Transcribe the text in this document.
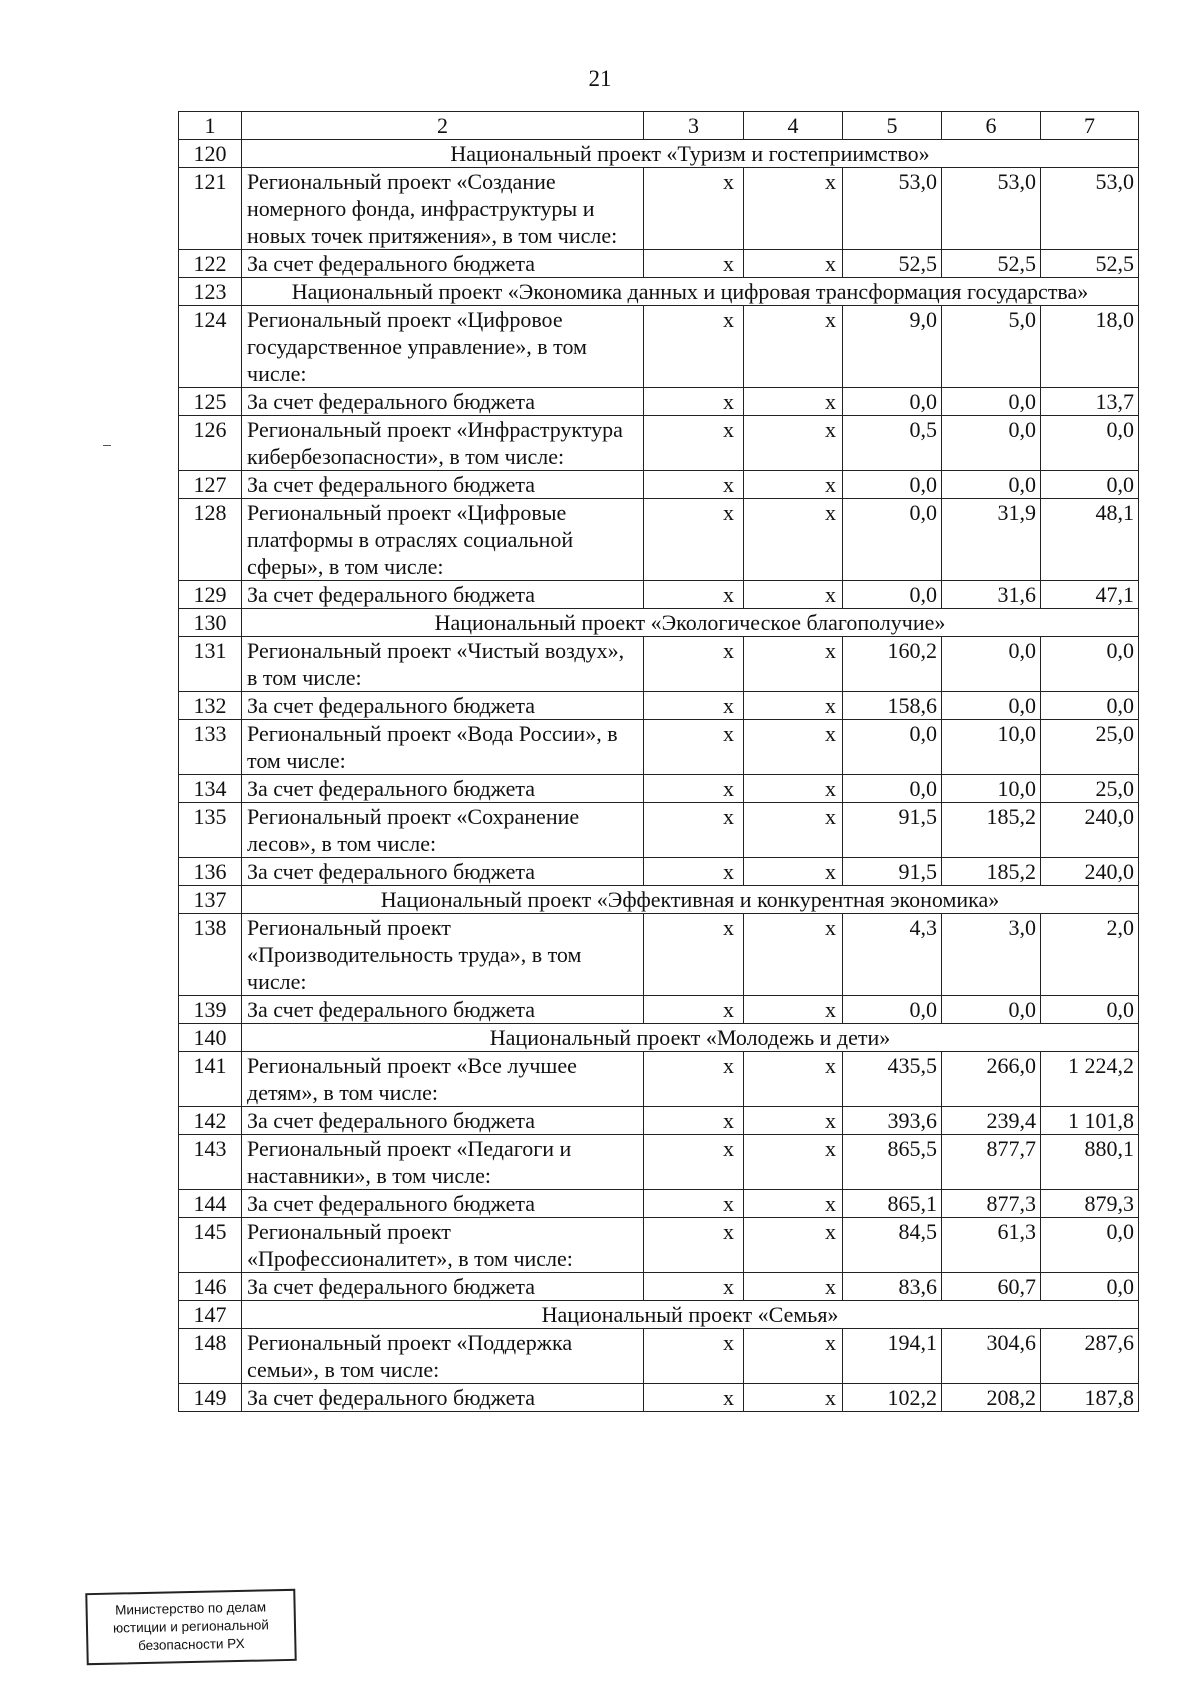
21
1	2	3	4	5	6	7
120	Национальный проект «Туризм и гостеприимство»					
121	Региональный проект «Создание номерного фонда, инфраструктуры и новых точек притяжения», в том числе:	х	х	53,0	53,0	53,0
122	За счет федерального бюджета	х	х	52,5	52,5	52,5
123	Национальный проект «Экономика данных и цифровая трансформация государства»					
124	Региональный проект «Цифровое государственное управление», в том числе:	х	х	9,0	5,0	18,0
125	За счет федерального бюджета	х	х	0,0	0,0	13,7
126	Региональный проект «Инфраструктура кибербезопасности», в том числе:	х	х	0,5	0,0	0,0
127	За счет федерального бюджета	х	х	0,0	0,0	0,0
128	Региональный проект «Цифровые платформы в отраслях социальной сферы», в том числе:	х	х	0,0	31,9	48,1
129	За счет федерального бюджета	х	х	0,0	31,6	47,1
130	Национальный проект «Экологическое благополучие»					
131	Региональный проект «Чистый воздух», в том числе:	х	х	160,2	0,0	0,0
132	За счет федерального бюджета	х	х	158,6	0,0	0,0
133	Региональный проект «Вода России», в том числе:	х	х	0,0	10,0	25,0
134	За счет федерального бюджета	х	х	0,0	10,0	25,0
135	Региональный проект «Сохранение лесов», в том числе:	х	х	91,5	185,2	240,0
136	За счет федерального бюджета	х	х	91,5	185,2	240,0
137	Национальный проект «Эффективная и конкурентная экономика»					
138	Региональный проект «Производительность труда», в том числе:	х	х	4,3	3,0	2,0
139	За счет федерального бюджета	х	х	0,0	0,0	0,0
140	Национальный проект «Молодежь и дети»					
141	Региональный проект «Все лучшее детям», в том числе:	х	х	435,5	266,0	1 224,2
142	За счет федерального бюджета	х	х	393,6	239,4	1 101,8
143	Региональный проект «Педагоги и наставники», в том числе:	х	х	865,5	877,7	880,1
144	За счет федерального бюджета	х	х	865,1	877,3	879,3
145	Региональный проект «Профессионалитет», в том числе:	х	х	84,5	61,3	0,0
146	За счет федерального бюджета	х	х	83,6	60,7	0,0
147	Национальный проект «Семья»					
148	Региональный проект «Поддержка семьи», в том числе:	х	х	194,1	304,6	287,6
149	За счет федерального бюджета	х	х	102,2	208,2	187,8
Министерство по делам
юстиции и региональной
безопасности РХ
